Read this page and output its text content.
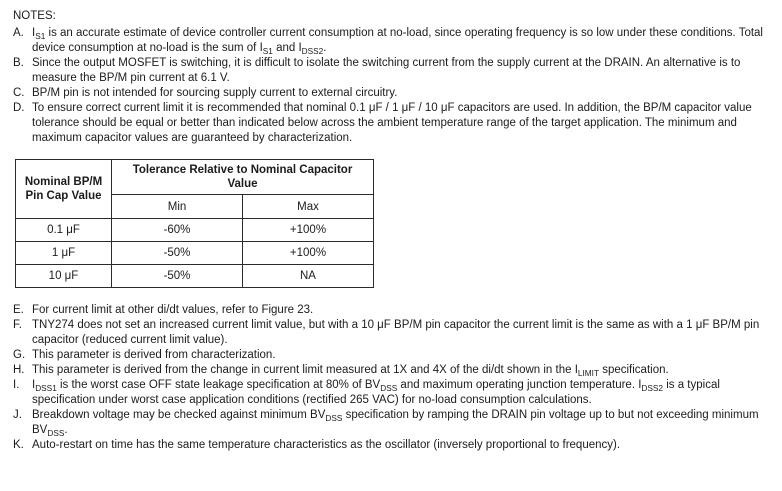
NOTES:
A. $I_{S1}$ is an accurate estimate of device controller current consumption at no-load, since operating frequency is so low under these conditions. Total device consumption at no-load is the sum of $I_{S1}$ and $I_{DSS2}$.
B. Since the output MOSFET is switching, it is difficult to isolate the switching current from the supply current at the DRAIN. An alternative is to measure the BP/M pin current at 6.1 V.
C. BP/M pin is not intended for sourcing supply current to external circuitry.
D. To ensure correct current limit it is recommended that nominal 0.1 μF / 1 μF / 10 μF capacitors are used. In addition, the BP/M capacitor value tolerance should be equal or better than indicated below across the ambient temperature range of the target application. The minimum and maximum capacitor values are guaranteed by characterization.
Nominal BP/M Pin Cap Value	Tolerance Relative to Nominal Capacitor Value	
	Min	Max
0.1 μF	-60%	+100%
1 μF	-50%	+100%
10 μF	-50%	NA
E. For current limit at other di/dt values, refer to Figure 23.
F. TNY274 does not set an increased current limit value, but with a 10 μF BP/M pin capacitor the current limit is the same as with a 1 μF BP/M pin capacitor (reduced current limit value).
G. This parameter is derived from characterization.
H. This parameter is derived from the change in current limit measured at 1X and 4X of the di/dt shown in the $I_{LIMIT}$ specification.
I.	$I_{DSS1}$ is the worst case OFF state leakage specification at 80% of $BV_{DSS}$ and maximum operating junction temperature. $I_{DSS2}$ is a typical specification under worst case application conditions (rectified 265 VAC) for no-load consumption calculations.
J. Breakdown voltage may be checked against minimum $BV_{DSS}$ specification by ramping the DRAIN pin voltage up to but not exceeding minimum $BV_{DSS}$.
K. Auto-restart on time has the same temperature characteristics as the oscillator (inversely proportional to frequency).
